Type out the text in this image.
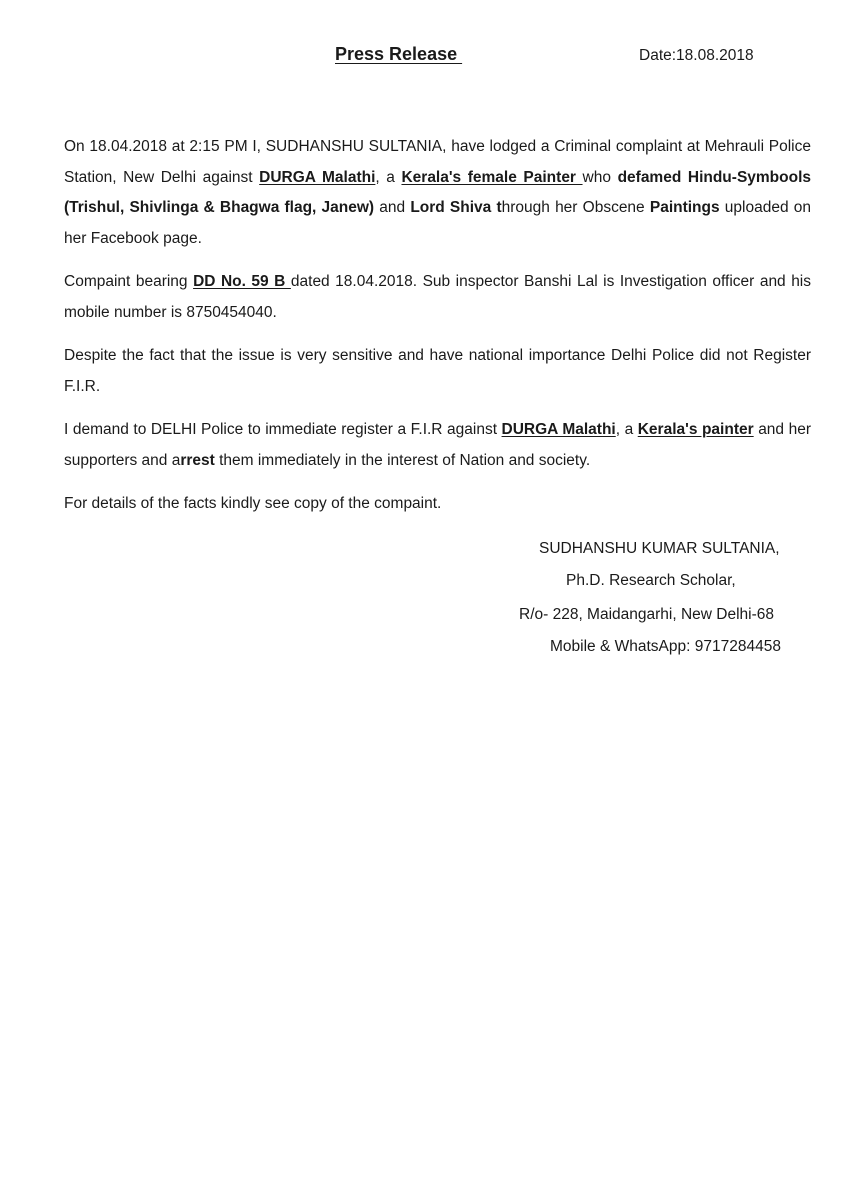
Press Release	Date:18.08.2018

On 18.04.2018 at 2:15 PM I, SUDHANSHU SULTANIA, have lodged a Criminal complaint at Mehrauli Police Station, New Delhi against DURGA Malathi, a Kerala's female Painter who defamed Hindu-Symbools (Trishul, Shivlinga & Bhagwa flag, Janew) and Lord Shiva through her Obscene Paintings uploaded on her Facebook page.

Compaint bearing DD No. 59 B dated 18.04.2018. Sub inspector Banshi Lal is Investigation officer and his mobile number is 8750454040.

Despite the fact that the issue is very sensitive and have national importance Delhi Police did not Register F.I.R.

I demand to DELHI Police to immediate register a F.I.R against DURGA Malathi, a Kerala's painter and her supporters and arrest them immediately in the interest of Nation and society.

For details of the facts kindly see copy of the compaint.

SUDHANSHU KUMAR SULTANIA,
Ph.D. Research Scholar,
R/o- 228, Maidangarhi, New Delhi-68
Mobile & WhatsApp: 9717284458
